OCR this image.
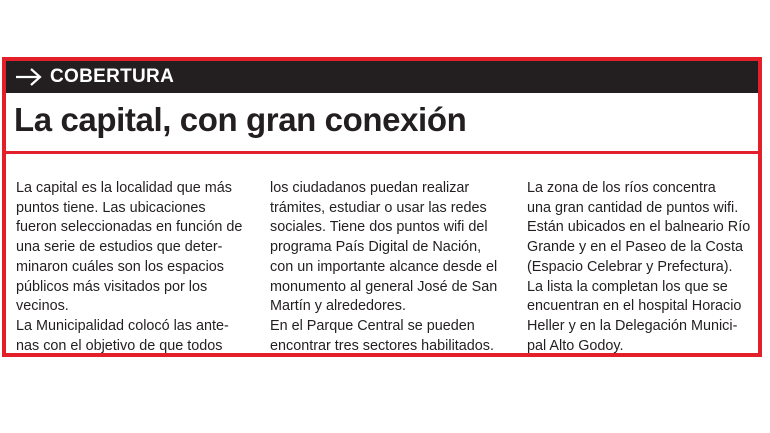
COBERTURA
La capital, con gran conexión

La capital es la localidad que más
puntos tiene. Las ubicaciones
fueron seleccionadas en función de
una serie de estudios que deter-
minaron cuáles son los espacios
públicos más visitados por los
vecinos.
La Municipalidad colocó las ante-
nas con el objetivo de que todos

los ciudadanos puedan realizar
trámites, estudiar o usar las redes
sociales. Tiene dos puntos wifi del
programa País Digital de Nación,
con un importante alcance desde el
monumento al general José de San
Martín y alrededores.
En el Parque Central se pueden
encontrar tres sectores habilitados.

La zona de los ríos concentra
una gran cantidad de puntos wifi.
Están ubicados en el balneario Río
Grande y en el Paseo de la Costa
(Espacio Celebrar y Prefectura).
La lista la completan los que se
encuentran en el hospital Horacio
Heller y en la Delegación Munici-
pal Alto Godoy.
